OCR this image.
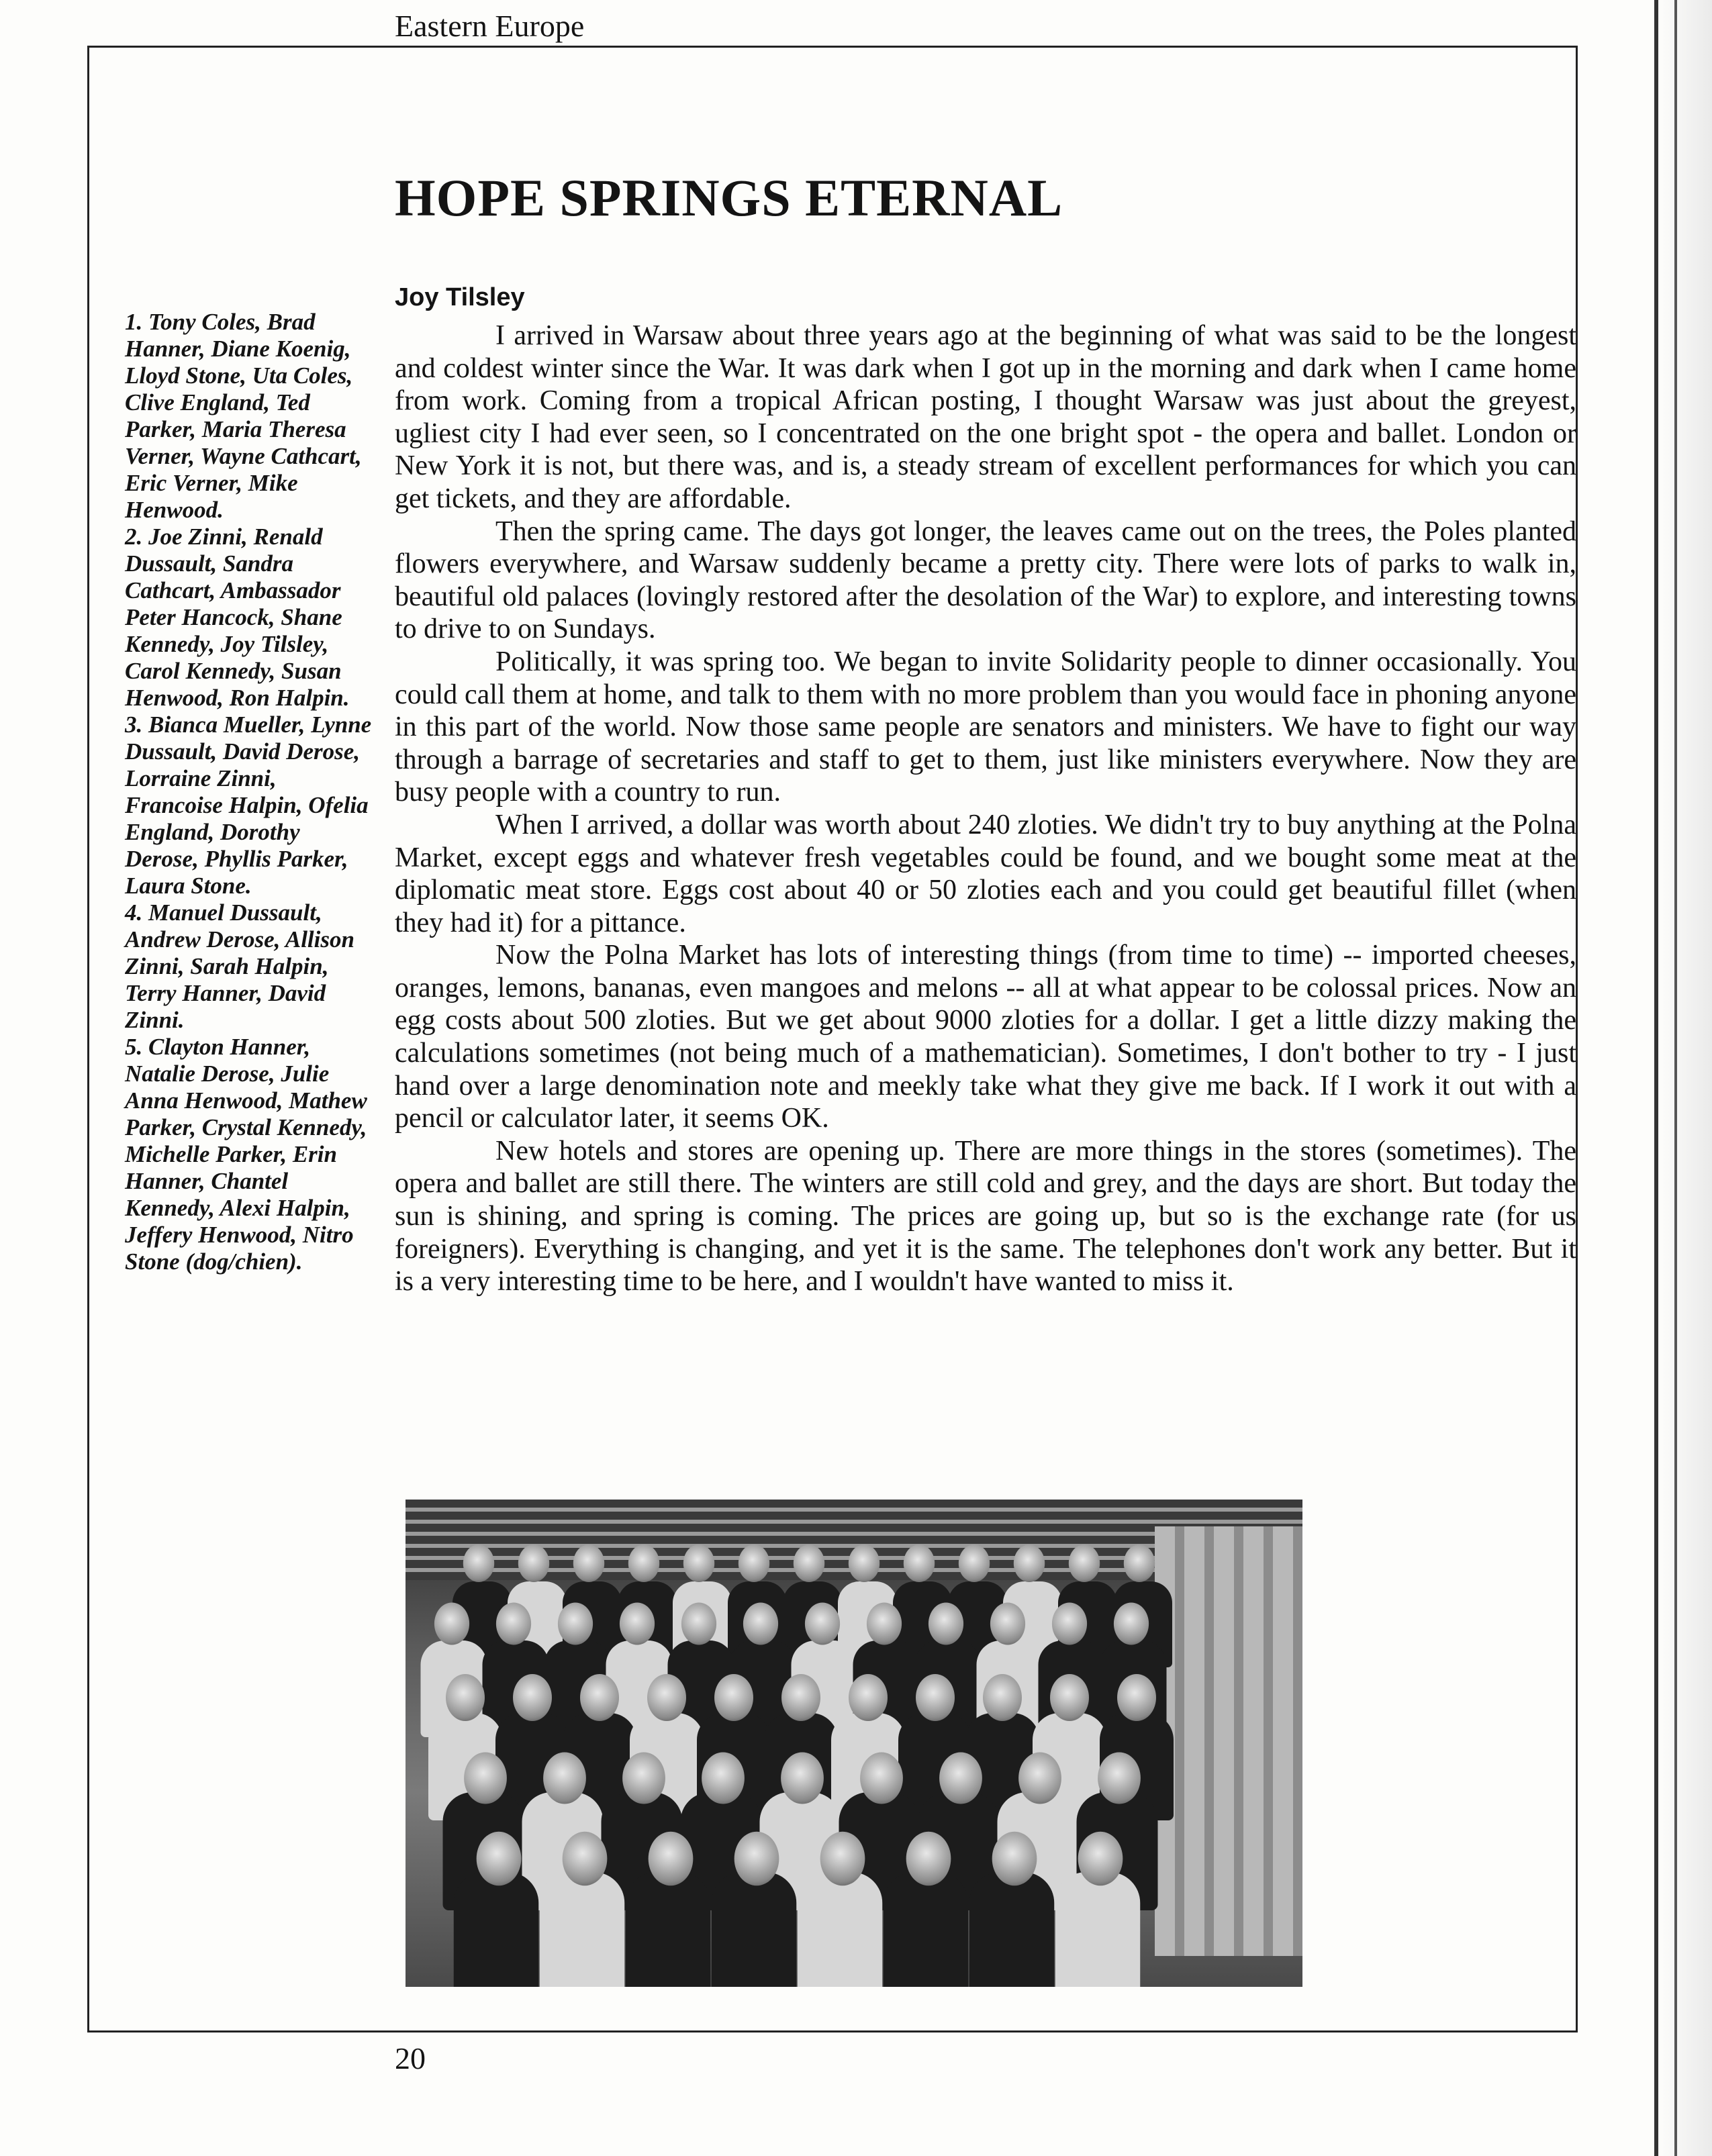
Eastern Europe
HOPE SPRINGS ETERNAL
Joy Tilsley

I arrived in Warsaw about three years ago at the beginning of what was said to be the longest and coldest winter since the War. It was dark when I got up in the morning and dark when I came home from work. Coming from a tropical African posting, I thought Warsaw was just about the greyest, ugliest city I had ever seen, so I concentrated on the one bright spot - the opera and ballet. London or New York it is not, but there was, and is, a steady stream of excellent performances for which you can get tickets, and they are affordable.

Then the spring came. The days got longer, the leaves came out on the trees, the Poles planted flowers everywhere, and Warsaw suddenly became a pretty city. There were lots of parks to walk in, beautiful old palaces (lovingly restored after the desolation of the War) to explore, and interesting towns to drive to on Sundays.

Politically, it was spring too. We began to invite Solidarity people to dinner occasionally. You could call them at home, and talk to them with no more problem than you would face in phoning anyone in this part of the world. Now those same people are senators and ministers. We have to fight our way through a barrage of secretaries and staff to get to them, just like ministers everywhere. Now they are busy people with a country to run.

When I arrived, a dollar was worth about 240 zloties. We didn't try to buy anything at the Polna Market, except eggs and whatever fresh vegetables could be found, and we bought some meat at the diplomatic meat store. Eggs cost about 40 or 50 zloties each and you could get beautiful fillet (when they had it) for a pittance.

Now the Polna Market has lots of interesting things (from time to time) -- imported cheeses, oranges, lemons, bananas, even mangoes and melons -- all at what appear to be colossal prices. Now an egg costs about 500 zloties. But we get about 9000 zloties for a dollar. I get a little dizzy making the calculations sometimes (not being much of a mathematician). Sometimes, I don't bother to try - I just hand over a large denomination note and meekly take what they give me back. If I work it out with a pencil or calculator later, it seems OK.

New hotels and stores are opening up. There are more things in the stores (sometimes). The opera and ballet are still there. The winters are still cold and grey, and the days are short. But today the sun is shining, and spring is coming. The prices are going up, but so is the exchange rate (for us foreigners). Everything is changing, and yet it is the same. The telephones don't work any better. But it is a very interesting time to be here, and I wouldn't have wanted to miss it.

1. Tony Coles, Brad Hanner, Diane Koenig, Lloyd Stone, Uta Coles, Clive England, Ted Parker, Maria Theresa Verner, Wayne Cathcart, Eric Verner, Mike Henwood.

2. Joe Zinni, Renald Dussault, Sandra Cathcart, Ambassador Peter Hancock, Shane Kennedy, Joy Tilsley, Carol Kennedy, Susan Henwood, Ron Halpin.

3. Bianca Mueller, Lynne Dussault, David Derose, Lorraine Zinni, Francoise Halpin, Ofelia England, Dorothy Derose, Phyllis Parker, Laura Stone.

4. Manuel Dussault, Andrew Derose, Allison Zinni, Sarah Halpin, Terry Hanner, David Zinni.

5. Clayton Hanner, Natalie Derose, Julie Anna Henwood, Mathew Parker, Crystal Kennedy, Michelle Parker, Erin Hanner, Chantel Kennedy, Alexi Halpin, Jeffery Henwood, Nitro Stone (dog/chien).

20
